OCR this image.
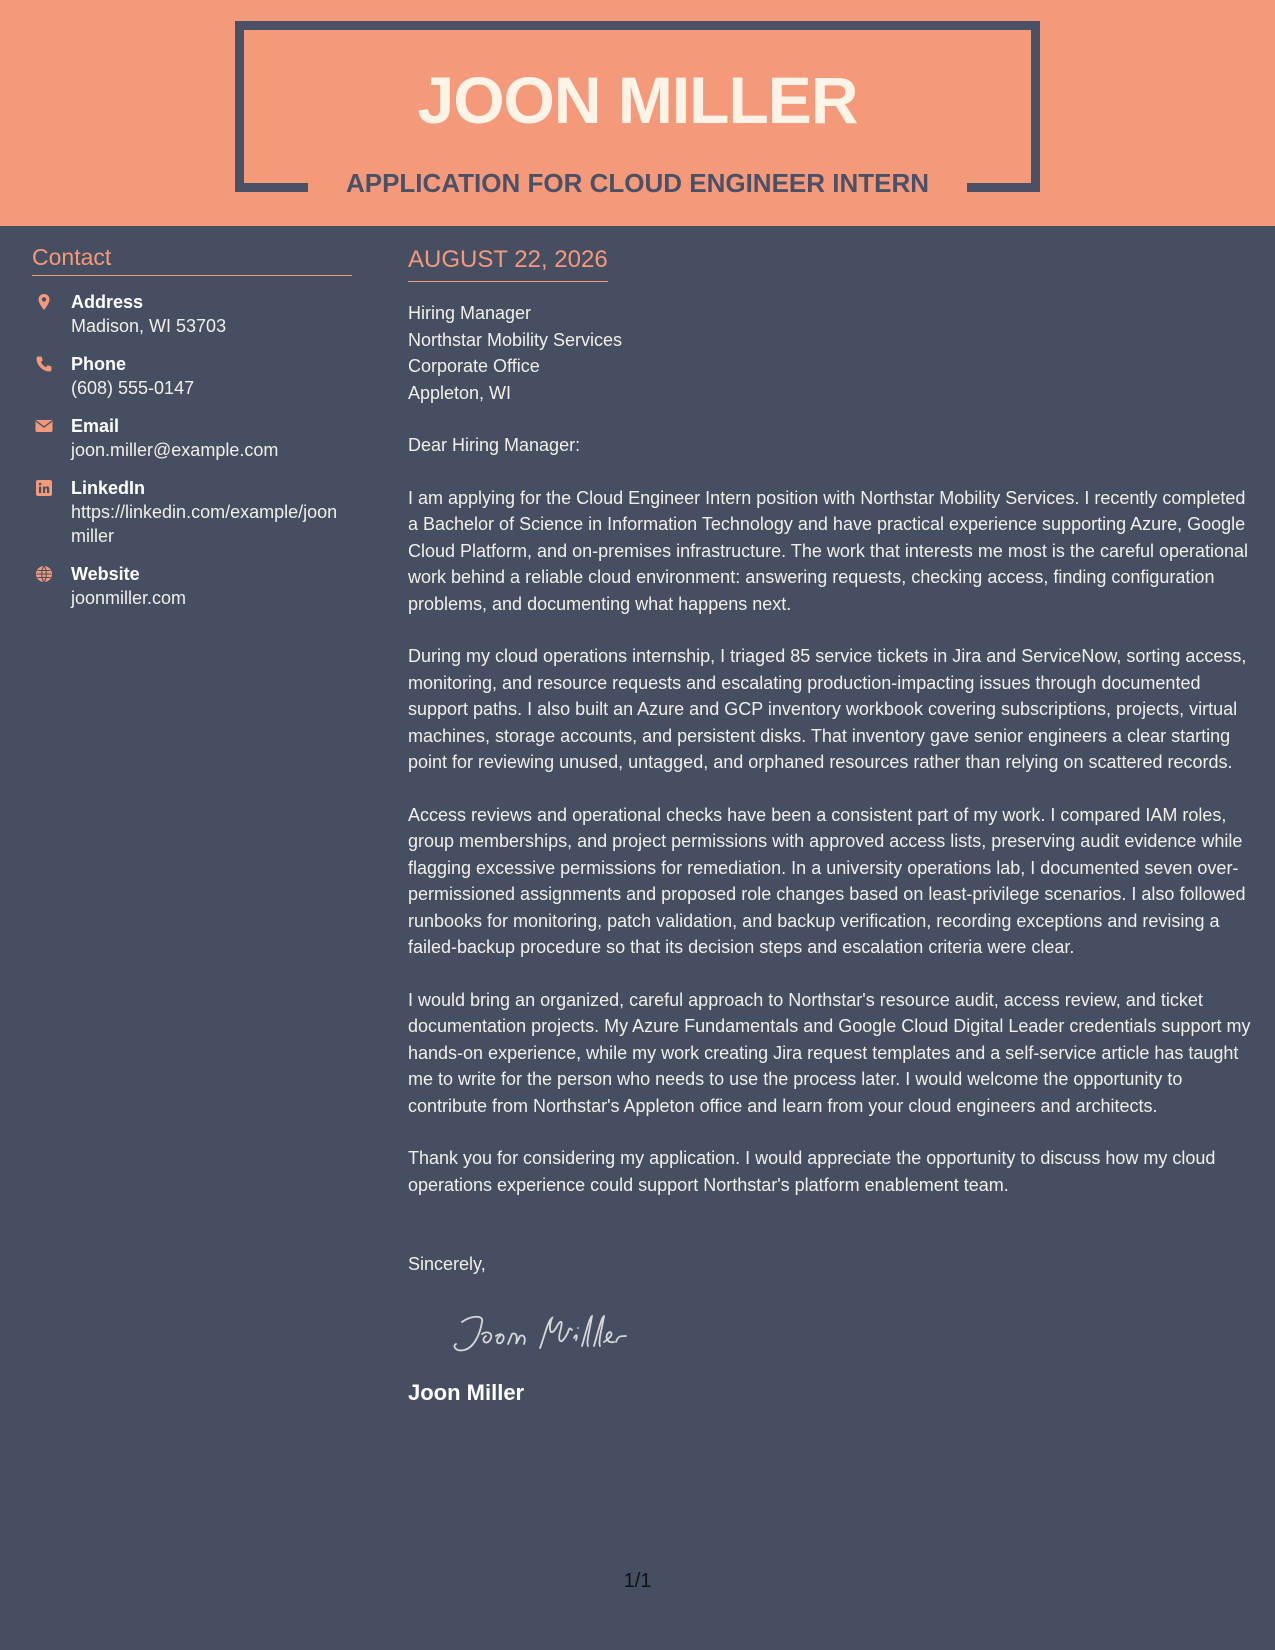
JOON MILLER
APPLICATION FOR CLOUD ENGINEER INTERN
Contact
Address
Madison, WI 53703
Phone
(608) 555-0147
Email
joon.miller@example.com
LinkedIn
https://linkedin.com/example/joonmiller
Website
joonmiller.com
AUGUST 22, 2026
Hiring Manager
Northstar Mobility Services
Corporate Office
Appleton, WI
Dear Hiring Manager:
I am applying for the Cloud Engineer Intern position with Northstar Mobility Services. I recently completed a Bachelor of Science in Information Technology and have practical experience supporting Azure, Google Cloud Platform, and on-premises infrastructure. The work that interests me most is the careful operational work behind a reliable cloud environment: answering requests, checking access, finding configuration problems, and documenting what happens next.
During my cloud operations internship, I triaged 85 service tickets in Jira and ServiceNow, sorting access, monitoring, and resource requests and escalating production-impacting issues through documented support paths. I also built an Azure and GCP inventory workbook covering subscriptions, projects, virtual machines, storage accounts, and persistent disks. That inventory gave senior engineers a clear starting point for reviewing unused, untagged, and orphaned resources rather than relying on scattered records.
Access reviews and operational checks have been a consistent part of my work. I compared IAM roles, group memberships, and project permissions with approved access lists, preserving audit evidence while flagging excessive permissions for remediation. In a university operations lab, I documented seven over-permissioned assignments and proposed role changes based on least-privilege scenarios. I also followed runbooks for monitoring, patch validation, and backup verification, recording exceptions and revising a failed-backup procedure so that its decision steps and escalation criteria were clear.
I would bring an organized, careful approach to Northstar's resource audit, access review, and ticket documentation projects. My Azure Fundamentals and Google Cloud Digital Leader credentials support my hands-on experience, while my work creating Jira request templates and a self-service article has taught me to write for the person who needs to use the process later. I would welcome the opportunity to contribute from Northstar's Appleton office and learn from your cloud engineers and architects.
Thank you for considering my application. I would appreciate the opportunity to discuss how my cloud operations experience could support Northstar's platform enablement team.
Sincerely,
Joon Miller
1/1
